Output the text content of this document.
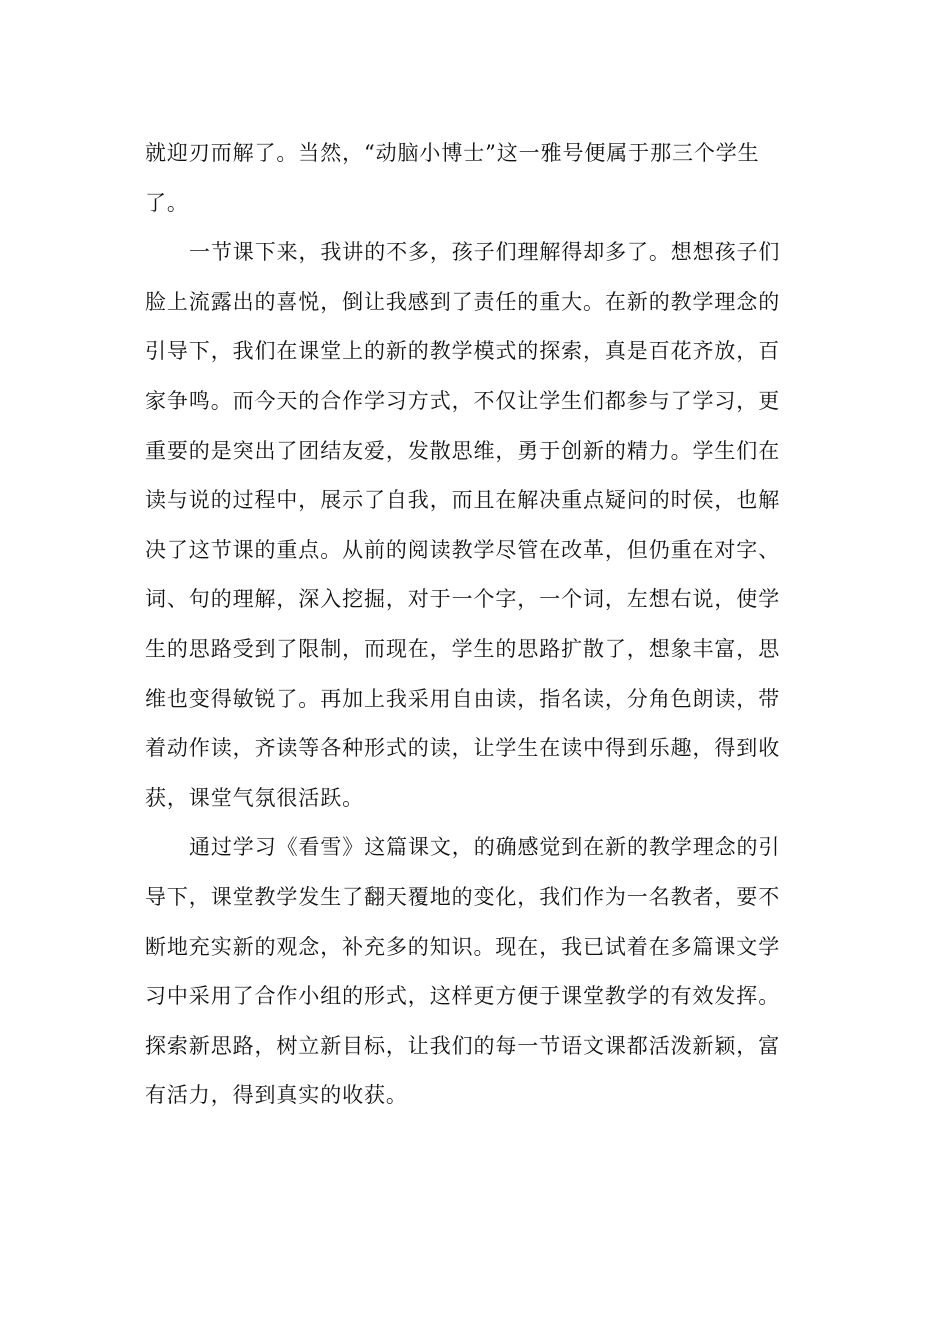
就迎刃而解了。当然，“动脑小博士”这一雅号便属于那三个学生
了。
一节课下来，我讲的不多，孩子们理解得却多了。想想孩子们
脸上流露出的喜悦，倒让我感到了责任的重大。在新的教学理念的
引导下，我们在课堂上的新的教学模式的探索，真是百花齐放，百
家争鸣。而今天的合作学习方式，不仅让学生们都参与了学习，更
重要的是突出了团结友爱，发散思维，勇于创新的精力。学生们在
读与说的过程中，展示了自我，而且在解决重点疑问的时侯，也解
决了这节课的重点。从前的阅读教学尽管在改革，但仍重在对字、
词、句的理解，深入挖掘，对于一个字，一个词，左想右说，使学
生的思路受到了限制，而现在，学生的思路扩散了，想象丰富，思
维也变得敏锐了。再加上我采用自由读，指名读，分角色朗读，带
着动作读，齐读等各种形式的读，让学生在读中得到乐趣，得到收
获，课堂气氛很活跃。
通过学习《看雪》这篇课文，的确感觉到在新的教学理念的引
导下，课堂教学发生了翻天覆地的变化，我们作为一名教者，要不
断地充实新的观念，补充多的知识。现在，我已试着在多篇课文学
习中采用了合作小组的形式，这样更方便于课堂教学的有效发挥。
探索新思路，树立新目标，让我们的每一节语文课都活泼新颖，富
有活力，得到真实的收获。
